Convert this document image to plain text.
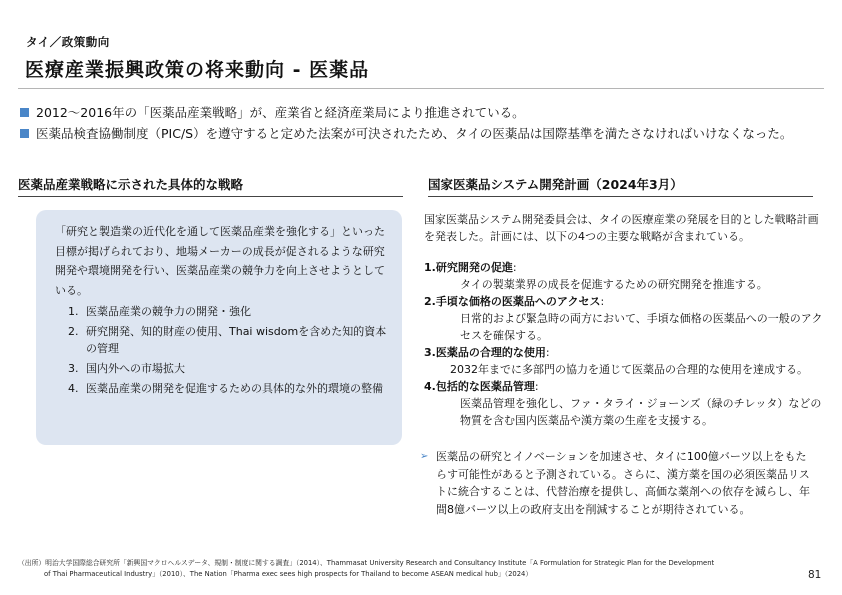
タイ／政策動向
医療産業振興政策の将来動向 - 医薬品
2012～2016年の「医薬品産業戦略」が、産業省と経済産業局により推進されている。
医薬品検査協働制度（PIC/S）を遵守すると定めた法案が可決されたため、タイの医薬品は国際基準を満たさなければいけなくなった。
医薬品産業戦略に示された具体的な戦略	国家医薬品システム開発計画（2024年3月）
「研究と製造業の近代化を通して医薬品産業を強化する」といった目標が掲げられており、地場メーカーの成長が促されるような研究開発や環境開発を行い、医薬品産業の競争力を向上させようとしている。
1. 医薬品産業の競争力の開発・強化
2. 研究開発、知的財産の使用、Thai wisdomを含めた知的資本の管理
3. 国内外への市場拡大
4. 医薬品産業の開発を促進するための具体的な外的環境の整備
国家医薬品システム開発委員会は、タイの医療産業の発展を目的とした戦略計画を発表した。計画には、以下の4つの主要な戦略が含まれている。
1.研究開発の促進:
タイの製薬業界の成長を促進するための研究開発を推進する。
2.手頃な価格の医薬品へのアクセス:
日常的および緊急時の両方において、手頃な価格の医薬品への一般のアクセスを確保する。
3.医薬品の合理的な使用:
2032年までに多部門の協力を通じて医薬品の合理的な使用を達成する。
4.包括的な医薬品管理:
医薬品管理を強化し、ファ・タライ・ジョーンズ（緑のチレッタ）などの物質を含む国内医薬品や漢方薬の生産を支援する。
➢ 医薬品の研究とイノベーションを加速させ、タイに100億バーツ以上をもたらす可能性があると予測されている。さらに、漢方薬を国の必須医薬品リストに統合することは、代替治療を提供し、高価な薬剤への依存を減らし、年間8億バーツ以上の政府支出を削減することが期待されている。
（出所）明治大学国際総合研究所「新興国マクロヘルスデータ、規制・制度に関する調査」（2014）、Thammasat University Research and Consultancy Institute「A Formulation for Strategic Plan for the Development
of Thai Pharmaceutical Industry」（2010）、The Nation「Pharma exec sees high prospects for Thailand to become ASEAN medical hub」（2024）	81
